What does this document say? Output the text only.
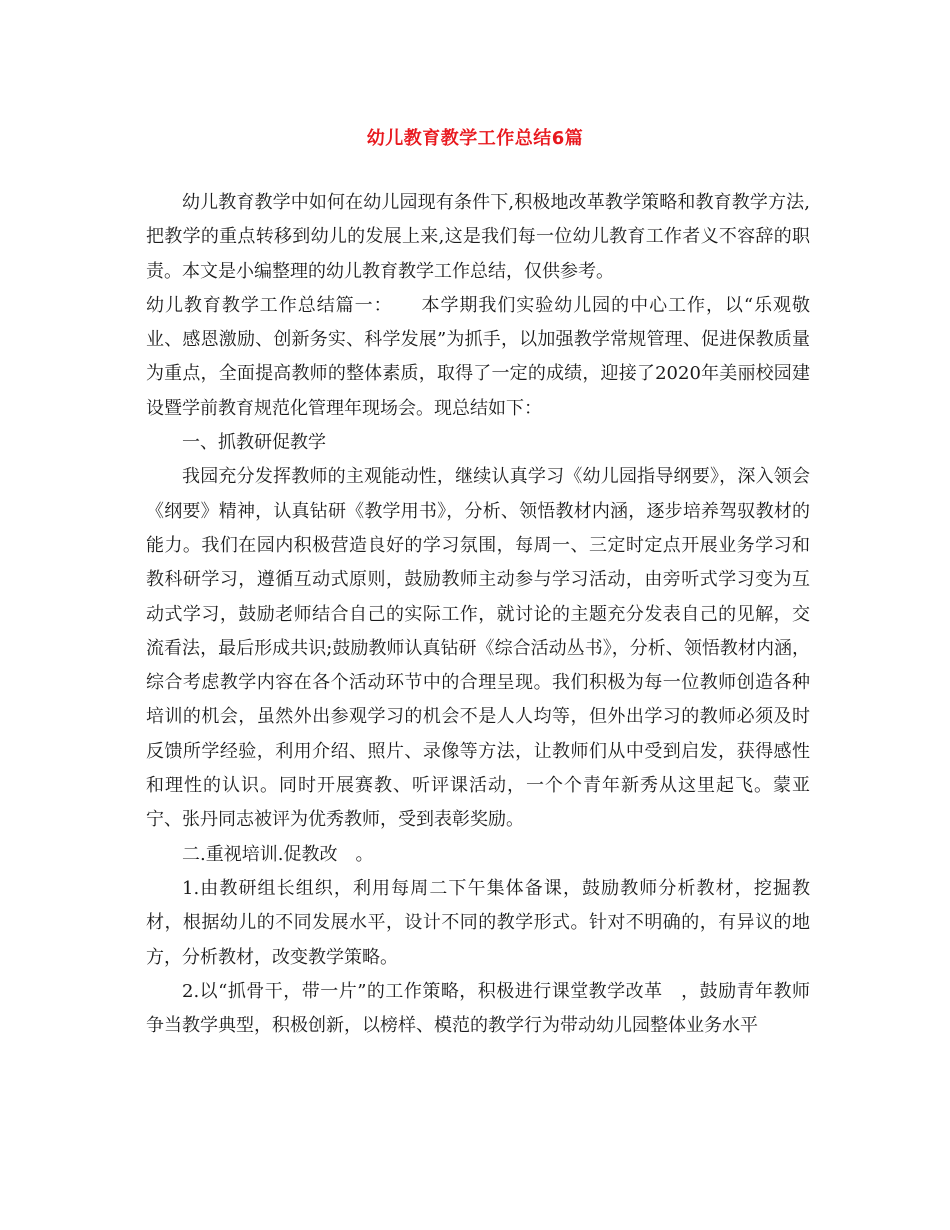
幼儿教育教学工作总结6篇

幼儿教育教学中如何在幼儿园现有条件下,积极地改革教学策略和教育教学方法,把教学的重点转移到幼儿的发展上来,这是我们每一位幼儿教育工作者义不容辞的职责。本文是小编整理的幼儿教育教学工作总结，仅供参考。

幼儿教育教学工作总结篇一：　　本学期我们实验幼儿园的中心工作，以“乐观敬业、感恩激励、创新务实、科学发展”为抓手，以加强教学常规管理、促进保教质量为重点，全面提高教师的整体素质，取得了一定的成绩，迎接了2020年美丽校园建设暨学前教育规范化管理年现场会。现总结如下：

一、抓教研促教学

我园充分发挥教师的主观能动性，继续认真学习《幼儿园指导纲要》，深入领会《纲要》精神，认真钻研《教学用书》，分析、领悟教材内涵，逐步培养驾驭教材的能力。我们在园内积极营造良好的学习氛围，每周一、三定时定点开展业务学习和教科研学习，遵循互动式原则，鼓励教师主动参与学习活动，由旁听式学习变为互动式学习，鼓励老师结合自己的实际工作，就讨论的主题充分发表自己的见解，交流看法，最后形成共识;鼓励教师认真钻研《综合活动丛书》，分析、领悟教材内涵，综合考虑教学内容在各个活动环节中的合理呈现。我们积极为每一位教师创造各种培训的机会，虽然外出参观学习的机会不是人人均等，但外出学习的教师必须及时反馈所学经验，利用介绍、照片、录像等方法，让教师们从中受到启发，获得感性和理性的认识。同时开展赛教、听评课活动，一个个青年新秀从这里起飞。蒙亚宁、张丹同志被评为优秀教师，受到表彰奖励。

二.重视培训.促教改　。

1.由教研组长组织，利用每周二下午集体备课，鼓励教师分析教材，挖掘教材，根据幼儿的不同发展水平，设计不同的教学形式。针对不明确的，有异议的地方，分析教材，改变教学策略。

2.以“抓骨干，带一片”的工作策略，积极进行课堂教学改革　，鼓励青年教师争当教学典型，积极创新，以榜样、模范的教学行为带动幼儿园整体业务水平
